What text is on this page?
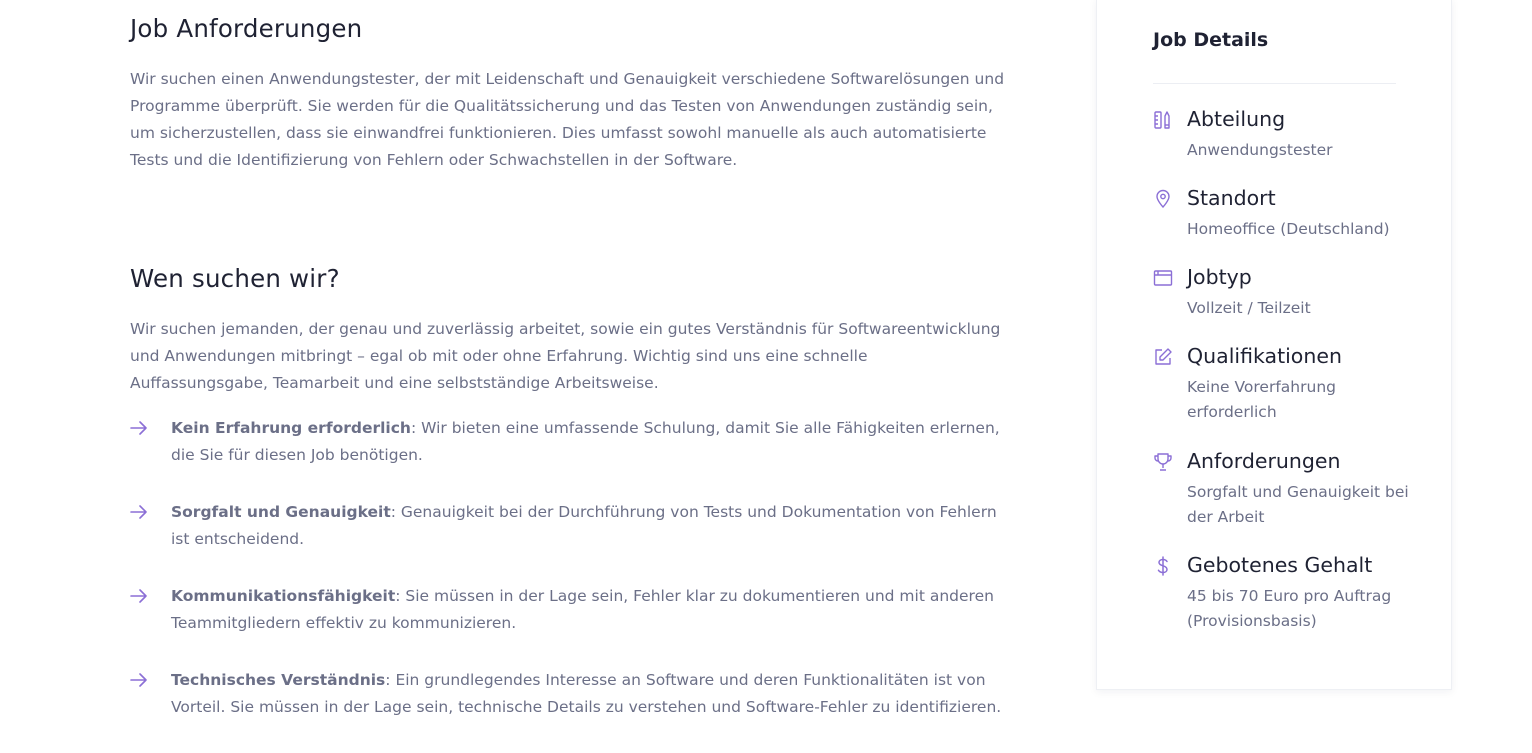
Job Anforderungen

Wir suchen einen Anwendungstester, der mit Leidenschaft und Genauigkeit verschiedene Softwarelösungen und Programme überprüft. Sie werden für die Qualitätssicherung und das Testen von Anwendungen zuständig sein, um sicherzustellen, dass sie einwandfrei funktionieren. Dies umfasst sowohl manuelle als auch automatisierte Tests und die Identifizierung von Fehlern oder Schwachstellen in der Software.

Wen suchen wir?

Wir suchen jemanden, der genau und zuverlässig arbeitet, sowie ein gutes Verständnis für Softwareentwicklung und Anwendungen mitbringt – egal ob mit oder ohne Erfahrung. Wichtig sind uns eine schnelle Auffassungsgabe, Teamarbeit und eine selbstständige Arbeitsweise.

Kein Erfahrung erforderlich: Wir bieten eine umfassende Schulung, damit Sie alle Fähigkeiten erlernen, die Sie für diesen Job benötigen.
Sorgfalt und Genauigkeit: Genauigkeit bei der Durchführung von Tests und Dokumentation von Fehlern ist entscheidend.
Kommunikationsfähigkeit: Sie müssen in der Lage sein, Fehler klar zu dokumentieren und mit anderen Teammitgliedern effektiv zu kommunizieren.
Technisches Verständnis: Ein grundlegendes Interesse an Software und deren Funktionalitäten ist von Vorteil. Sie müssen in der Lage sein, technische Details zu verstehen und Software-Fehler zu identifizieren.
Job Details
Abteilung
Anwendungstester
Standort
Homeoffice (Deutschland)
Jobtyp
Vollzeit / Teilzeit
Qualifikationen
Keine Vorerfahrung erforderlich
Anforderungen
Sorgfalt und Genauigkeit bei der Arbeit
Gebotenes Gehalt
45 bis 70 Euro pro Auftrag (Provisionsbasis)
